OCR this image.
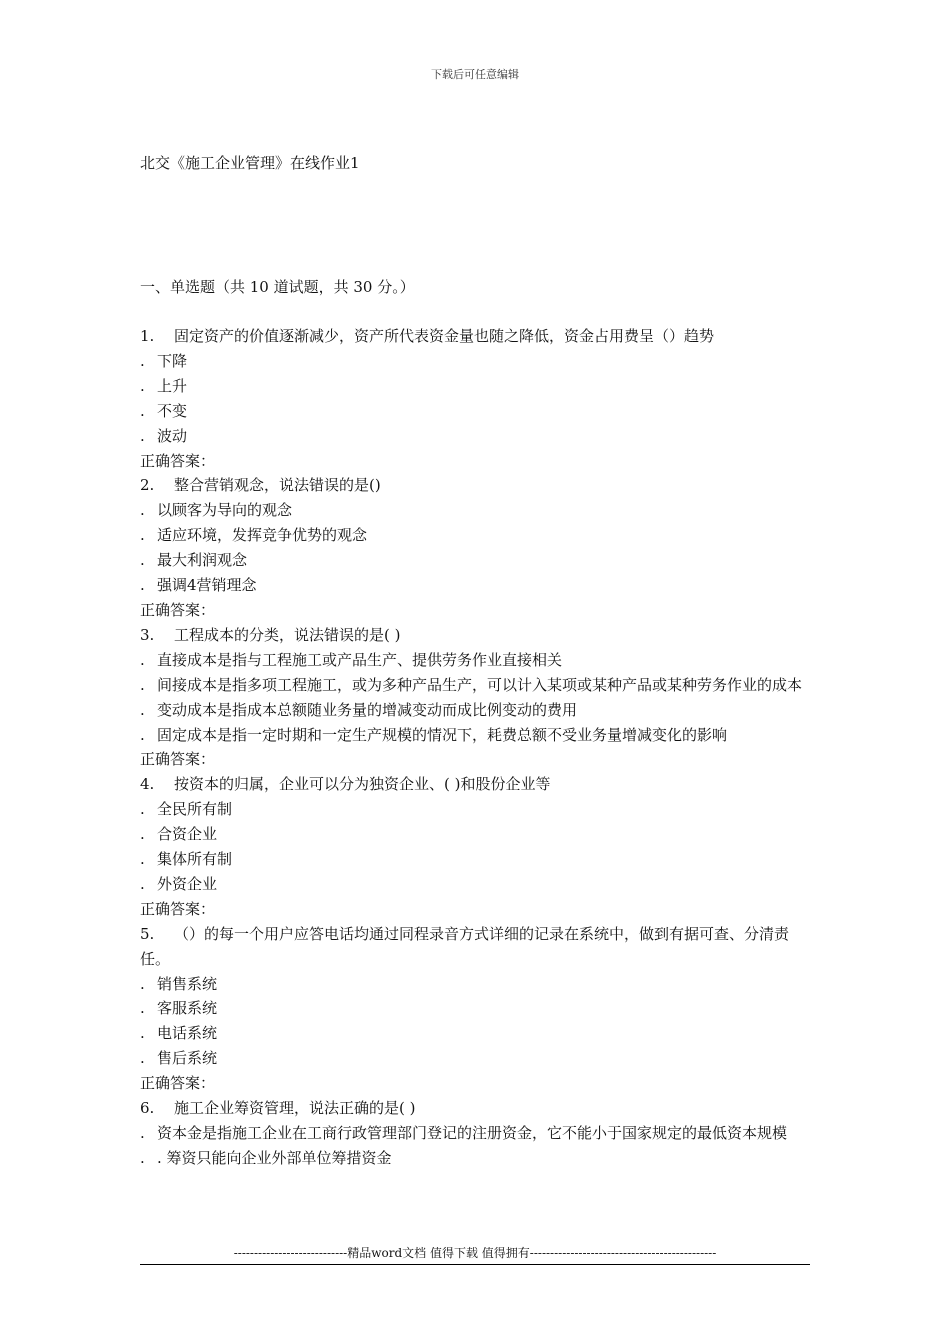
下载后可任意编辑
北交《施工企业管理》在线作业1
一、单选题（共 10 道试题，共 30 分。）

1. 固定资产的价值逐渐减少，资产所代表资金量也随之降低，资金占用费呈（）趋势

. 下降

. 上升

. 不变

. 波动

正确答案：

2. 整合营销观念，说法错误的是()

. 以顾客为导向的观念

. 适应环境，发挥竞争优势的观念

. 最大利润观念

. 强调4营销理念

正确答案：

3. 工程成本的分类，说法错误的是( )

. 直接成本是指与工程施工或产品生产、提供劳务作业直接相关

. 间接成本是指多项工程施工，或为多种产品生产，可以计入某项或某种产品或某种劳务作业的成本

. 变动成本是指成本总额随业务量的增减变动而成比例变动的费用

. 固定成本是指一定时期和一定生产规模的情况下，耗费总额不受业务量增减变化的影响

正确答案：

4. 按资本的归属，企业可以分为独资企业、( )和股份企业等

. 全民所有制

. 合资企业

. 集体所有制

. 外资企业

正确答案：

5. （）的每一个用户应答电话均通过同程录音方式详细的记录在系统中，做到有据可查、分清责任。

. 销售系统

. 客服系统

. 电话系统

. 售后系统

正确答案：

6. 施工企业筹资管理，说法正确的是( )

. 资本金是指施工企业在工商行政管理部门登记的注册资金，它不能小于国家规定的最低资本规模

. . 筹资只能向企业外部单位筹措资金

----------------------------精品word文档 值得下载 值得拥有----------------------------------------------
